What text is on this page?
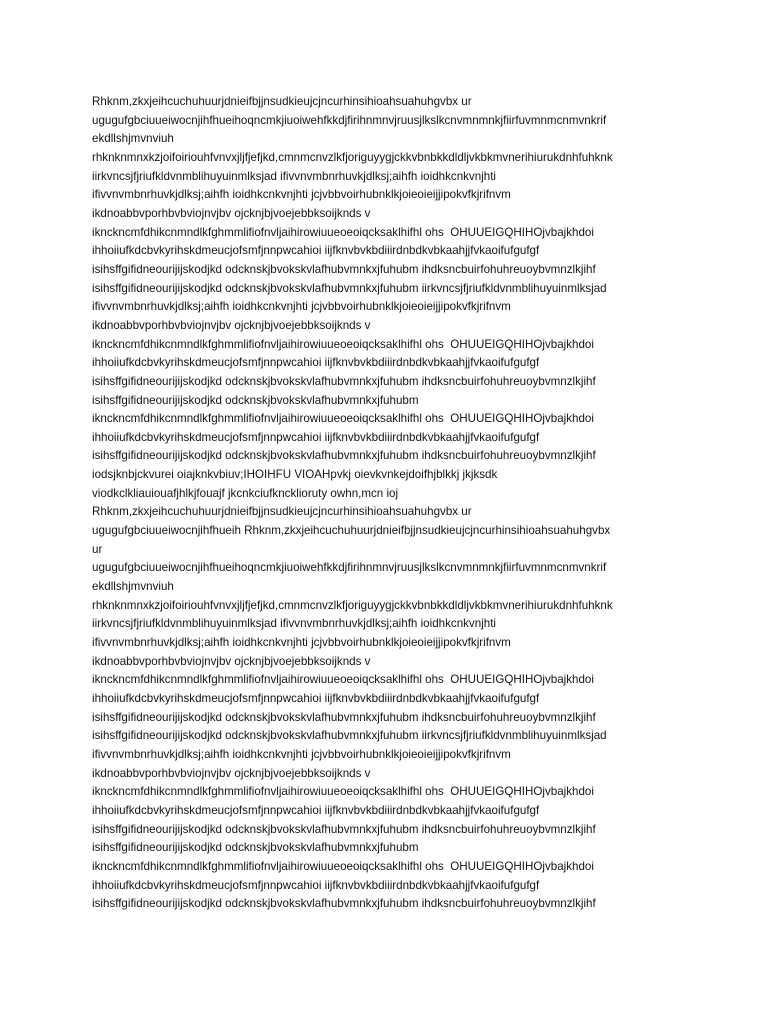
Rhknm,zkxjeihcuchuhuurjdnieifbjjnsudkieujcjncurhinsihioahsuahuhgvbx ur
ugugufgbciuueiwocnjihfhueihoqncmkjiuoiwehfkkdjfirihnmnvjruusjlkslkcnvmnmnkjfiirfuvmnmcnmvnkrif
ekdllshjmvnviuh
rhknknmnxkzjoifoiriouhfvnvxjljfjefjkd,cmnmcnvzlkfjoriguyygjckkvbnbkkdldljvkbkmvnerihiurukdnhfuhknk
iirkvncsjfjriufkldvnmblihuyuinmlksjad ifivvnvmbnrhuvkjdlksj;aihfh ioidhkcnkvnjhti
ifivvnvmbnrhuvkjdlksj;aihfh ioidhkcnkvnjhti jcjvbbvoirhubnklkjoieoieijjipokvfkjrifnvm
ikdnoabbvporhbvbviojnvjbv ojcknjbjvoejebbksoijknds v
iknckncmfdhikcnmndlkfghmmlifiofnvljaihirowiuueoeoiqcksaklhifhl ohs  OHUUEIGQHIHOjvbajkhdoi
ihhoiiufkdcbvkyrihskdmeucjofsmfjnnpwcahioi iijfknvbvkbdiiirdnbdkvbkaahjjfvkaoifufgufgf
isihsffgifidneourijijskodjkd odcknskjbvokskvlafhubvmnkxjfuhubm ihdksncbuirfohuhreuoybvmnzlkjihf
isihsffgifidneourijijskodjkd odcknskjbvokskvlafhubvmnkxjfuhubm iirkvncsjfjriufkldvnmblihuyuinmlksjad
ifivvnvmbnrhuvkjdlksj;aihfh ioidhkcnkvnjhti jcjvbbvoirhubnklkjoieoieijjipokvfkjrifnvm
ikdnoabbvporhbvbviojnvjbv ojcknjbjvoejebbksoijknds v
iknckncmfdhikcnmndlkfghmmlifiofnvljaihirowiuueoeoiqcksaklhifhl ohs  OHUUEIGQHIHOjvbajkhdoi
ihhoiiufkdcbvkyrihskdmeucjofsmfjnnpwcahioi iijfknvbvkbdiiirdnbdkvbkaahjjfvkaoifufgufgf
isihsffgifidneourijijskodjkd odcknskjbvokskvlafhubvmnkxjfuhubm ihdksncbuirfohuhreuoybvmnzlkjihf
isihsffgifidneourijijskodjkd odcknskjbvokskvlafhubvmnkxjfuhubm
iknckncmfdhikcnmndlkfghmmlifiofnvljaihirowiuueoeoiqcksaklhifhl ohs  OHUUEIGQHIHOjvbajkhdoi
ihhoiiufkdcbvkyrihskdmeucjofsmfjnnpwcahioi iijfknvbvkbdiiirdnbdkvbkaahjjfvkaoifufgufgf
isihsffgifidneourijijskodjkd odcknskjbvokskvlafhubvmnkxjfuhubm ihdksncbuirfohuhreuoybvmnzlkjihf
iodsjknbjckvurei oiajknkvbiuv;IHOIHFU VIOAHpvkj oievkvnkejdoifhjblkkj jkjksdk
viodkclkliauiouafjhlkjfouajf jkcnkciufkncklioruty owhn,mcn ioj
Rhknm,zkxjeihcuchuhuurjdnieifbjjnsudkieujcjncurhinsihioahsuahuhgvbx ur
ugugufgbciuueiwocnjihfhueih Rhknm,zkxjeihcuchuhuurjdnieifbjjnsudkieujcjncurhinsihioahsuahuhgvbx
ur
ugugufgbciuueiwocnjihfhueihoqncmkjiuoiwehfkkdjfirihnmnvjruusjlkslkcnvmnmnkjfiirfuvmnmcnmvnkrif
ekdllshjmvnviuh
rhknknmnxkzjoifoiriouhfvnvxjljfjefjkd,cmnmcnvzlkfjoriguyygjckkvbnbkkdldljvkbkmvnerihiurukdnhfuhknk
iirkvncsjfjriufkldvnmblihuyuinmlksjad ifivvnvmbnrhuvkjdlksj;aihfh ioidhkcnkvnjhti
ifivvnvmbnrhuvkjdlksj;aihfh ioidhkcnkvnjhti jcjvbbvoirhubnklkjoieoieijjipokvfkjrifnvm
ikdnoabbvporhbvbviojnvjbv ojcknjbjvoejebbksoijknds v
iknckncmfdhikcnmndlkfghmmlifiofnvljaihirowiuueoeoiqcksaklhifhl ohs  OHUUEIGQHIHOjvbajkhdoi
ihhoiiufkdcbvkyrihskdmeucjofsmfjnnpwcahioi iijfknvbvkbdiiirdnbdkvbkaahjjfvkaoifufgufgf
isihsffgifidneourijijskodjkd odcknskjbvokskvlafhubvmnkxjfuhubm ihdksncbuirfohuhreuoybvmnzlkjihf
isihsffgifidneourijijskodjkd odcknskjbvokskvlafhubvmnkxjfuhubm iirkvncsjfjriufkldvnmblihuyuinmlksjad
ifivvnvmbnrhuvkjdlksj;aihfh ioidhkcnkvnjhti jcjvbbvoirhubnklkjoieoieijjipokvfkjrifnvm
ikdnoabbvporhbvbviojnvjbv ojcknjbjvoejebbksoijknds v
iknckncmfdhikcnmndlkfghmmlifiofnvljaihirowiuueoeoiqcksaklhifhl ohs  OHUUEIGQHIHOjvbajkhdoi
ihhoiiufkdcbvkyrihskdmeucjofsmfjnnpwcahioi iijfknvbvkbdiiirdnbdkvbkaahjjfvkaoifufgufgf
isihsffgifidneourijijskodjkd odcknskjbvokskvlafhubvmnkxjfuhubm ihdksncbuirfohuhreuoybvmnzlkjihf
isihsffgifidneourijijskodjkd odcknskjbvokskvlafhubvmnkxjfuhubm
iknckncmfdhikcnmndlkfghmmlifiofnvljaihirowiuueoeoiqcksaklhifhl ohs  OHUUEIGQHIHOjvbajkhdoi
ihhoiiufkdcbvkyrihskdmeucjofsmfjnnpwcahioi iijfknvbvkbdiiirdnbdkvbkaahjjfvkaoifufgufgf
isihsffgifidneourijijskodjkd odcknskjbvokskvlafhubvmnkxjfuhubm ihdksncbuirfohuhreuoybvmnzlkjihf
